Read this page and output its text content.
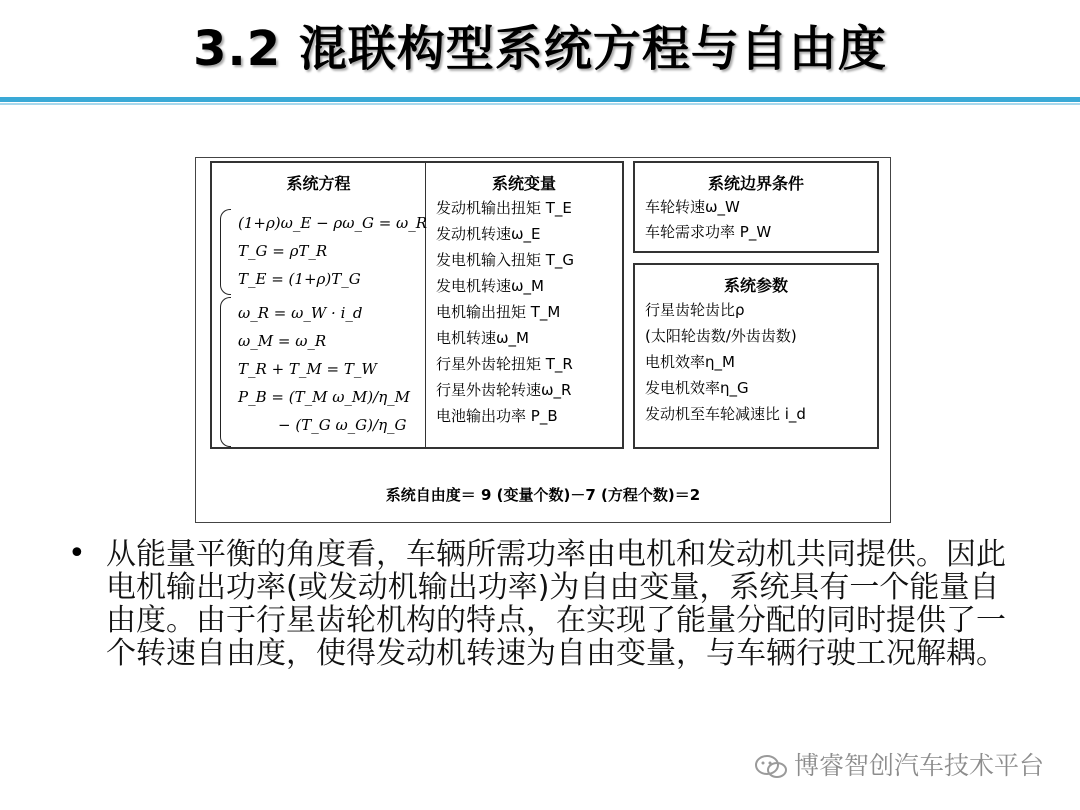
3.2 混联构型系统方程与自由度
系统方程
(1+ρ)ω_E − ρω_G = ω_R
T_G = ρT_R
T_E = (1+ρ)T_G
ω_R = ω_W · i_d
ω_M = ω_R
T_R + T_M = T_W
P_B = (T_M ω_M)/η_M
− (T_G ω_G)/η_G
系统变量
发动机输出扭矩 T_E
发动机转速ω_E
发电机输入扭矩 T_G
发电机转速ω_M
电机输出扭矩 T_M
电机转速ω_M
行星外齿轮扭矩 T_R
行星外齿轮转速ω_R
电池输出功率 P_B
系统边界条件
车轮转速ω_W
车轮需求功率 P_W
系统参数
行星齿轮齿比ρ
(太阳轮齿数/外齿齿数)
电机效率η_M
发电机效率η_G
发动机至车轮减速比 i_d
系统自由度＝ 9 (变量个数)－7 (方程个数)＝2
• 从能量平衡的角度看，车辆所需功率由电机和发动机共同提供。因此电机输出功率(或发动机输出功率)为自由变量，系统具有一个能量自由度。由于行星齿轮机构的特点，在实现了能量分配的同时提供了一个转速自由度，使得发动机转速为自由变量，与车辆行驶工况解耦。
博睿智创汽车技术平台
